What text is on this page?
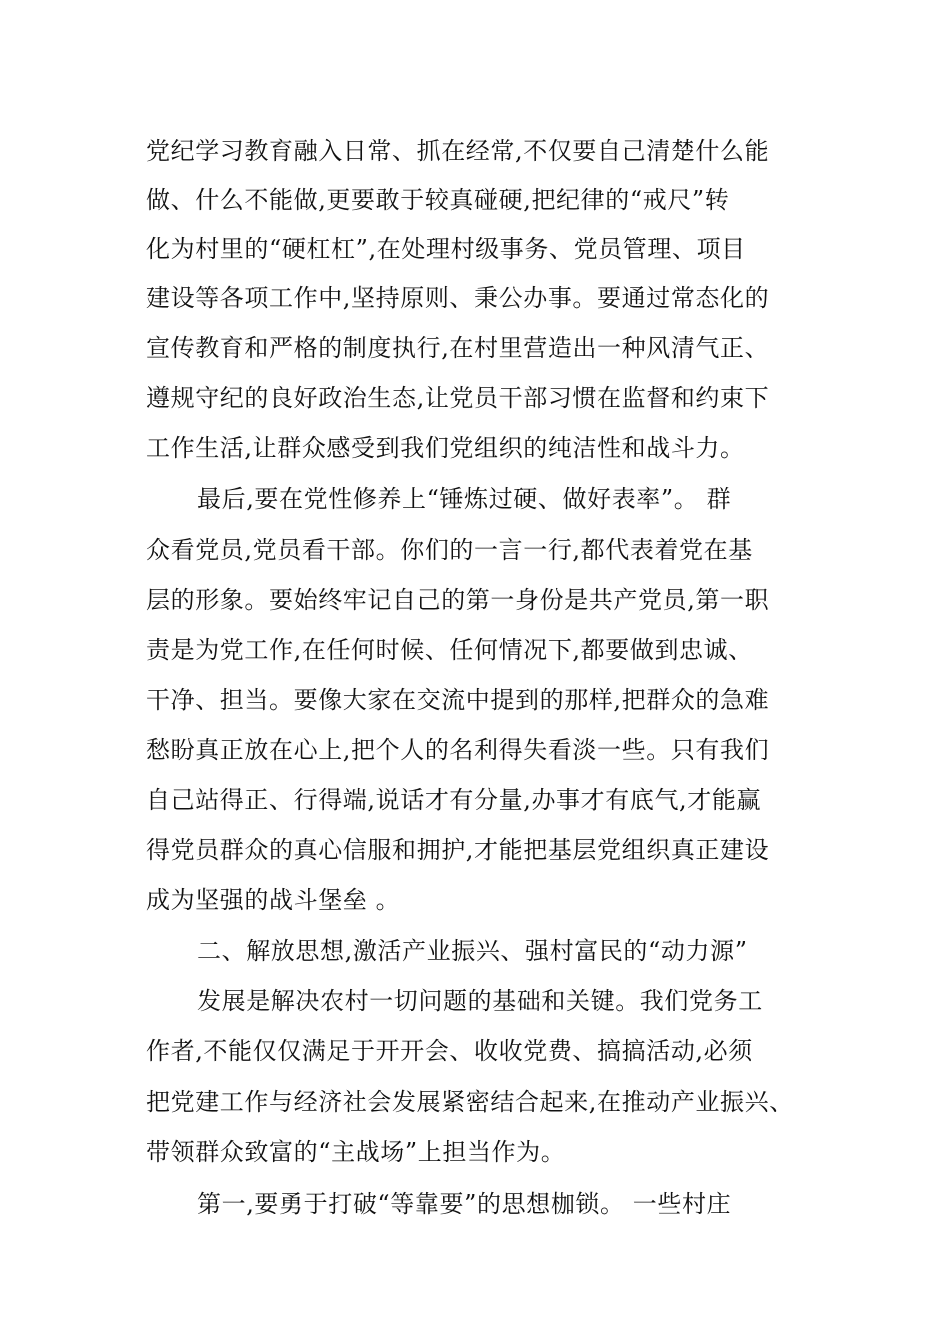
党纪学习教育融入日常、抓在经常,不仅要自己清楚什么能
做、什么不能做,更要敢于较真碰硬,把纪律的“戒尺”转
化为村里的“硬杠杠”,在处理村级事务、党员管理、项目
建设等各项工作中,坚持原则、秉公办事。要通过常态化的
宣传教育和严格的制度执行,在村里营造出一种风清气正、
遵规守纪的良好政治生态,让党员干部习惯在监督和约束下
工作生活,让群众感受到我们党组织的纯洁性和战斗力。
最后,要在党性修养上“锤炼过硬、做好表率”。 群
众看党员,党员看干部。你们的一言一行,都代表着党在基
层的形象。要始终牢记自己的第一身份是共产党员,第一职
责是为党工作,在任何时候、任何情况下,都要做到忠诚、
干净、担当。要像大家在交流中提到的那样,把群众的急难
愁盼真正放在心上,把个人的名利得失看淡一些。只有我们
自己站得正、行得端,说话才有分量,办事才有底气,才能赢
得党员群众的真心信服和拥护,才能把基层党组织真正建设
成为坚强的战斗堡垒 。
二、解放思想,激活产业振兴、强村富民的“动力源”
发展是解决农村一切问题的基础和关键。我们党务工
作者,不能仅仅满足于开开会、收收党费、搞搞活动,必须
把党建工作与经济社会发展紧密结合起来,在推动产业振兴、
带领群众致富的“主战场”上担当作为。
第一,要勇于打破“等靠要”的思想枷锁。 一些村庄
